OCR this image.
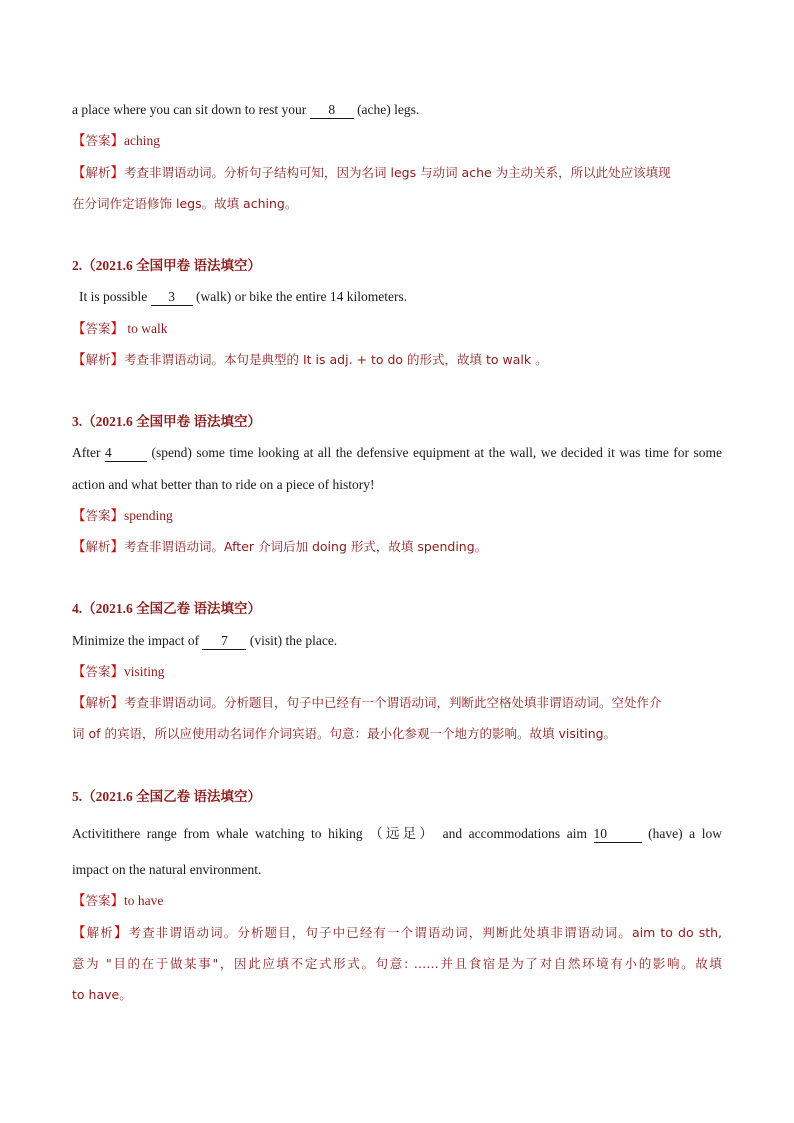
a place where you can sit down to rest your 8 (ache) legs.
【答案】aching
【解析】考查非谓语动词。分析句子结构可知，因为名词 legs 与动词 ache 为主动关系，所以此处应该填现
在分词作定语修饰 legs。故填 aching。
2.（2021.6 全国甲卷 语法填空）
It is possible 3 (walk) or bike the entire 14 kilometers.
【答案】 to walk
【解析】考查非谓语动词。本句是典型的 It is adj. + to do 的形式，故填 to walk 。
3.（2021.6 全国甲卷 语法填空）
After 4	(spend) some time looking at all the defensive equipment at the wall, we decided it was time for some
action and what better than to ride on a piece of history!
【答案】spending
【解析】考查非谓语动词。After 介词后加 doing 形式，故填 spending。
4.（2021.6 全国乙卷 语法填空）
Minimize the impact of 7 (visit) the place.
【答案】visiting
【解析】考查非谓语动词。分析题目，句子中已经有一个谓语动词，判断此空格处填非谓语动词。空处作介
词 of 的宾语，所以应使用动名词作介词宾语。句意：最小化参观一个地方的影响。故填 visiting。
5.（2021.6 全国乙卷 语法填空）
Activitithere range from whale watching to hiking （远足） and accommodations aim 10	(have) a low
impact on the natural environment.
【答案】to have
【解析】考查非谓语动词。分析题目，句子中已经有一个谓语动词，判断此处填非谓语动词。aim to do sth,
意为 "目的在于做某事"，因此应填不定式形式。句意: ……并且食宿是为了对自然环境有小的影响。故填
to have。
